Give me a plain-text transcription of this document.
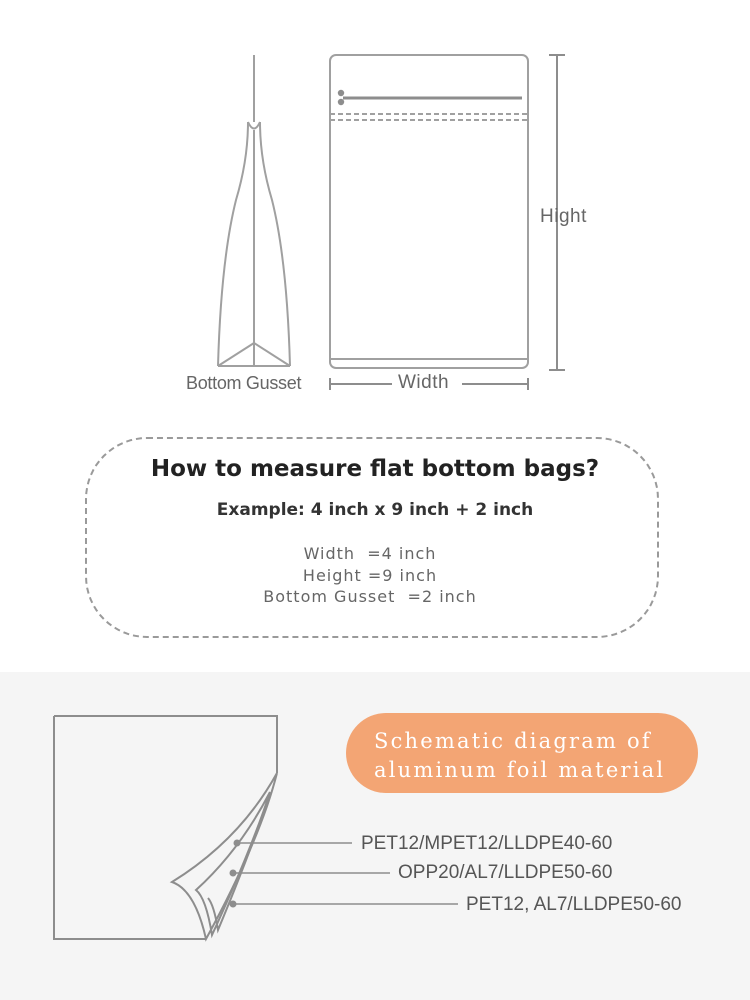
Hight
Width
Bottom Gusset
How to measure flat bottom bags?
Example: 4 inch x 9 inch + 2 inch
Width  =4 inch
Height =9 inch
Bottom Gusset  =2 inch
Schematic diagram of
aluminum foil material
PET12/MPET12/LLDPE40-60
OPP20/AL7/LLDPE50-60
PET12, AL7/LLDPE50-60
